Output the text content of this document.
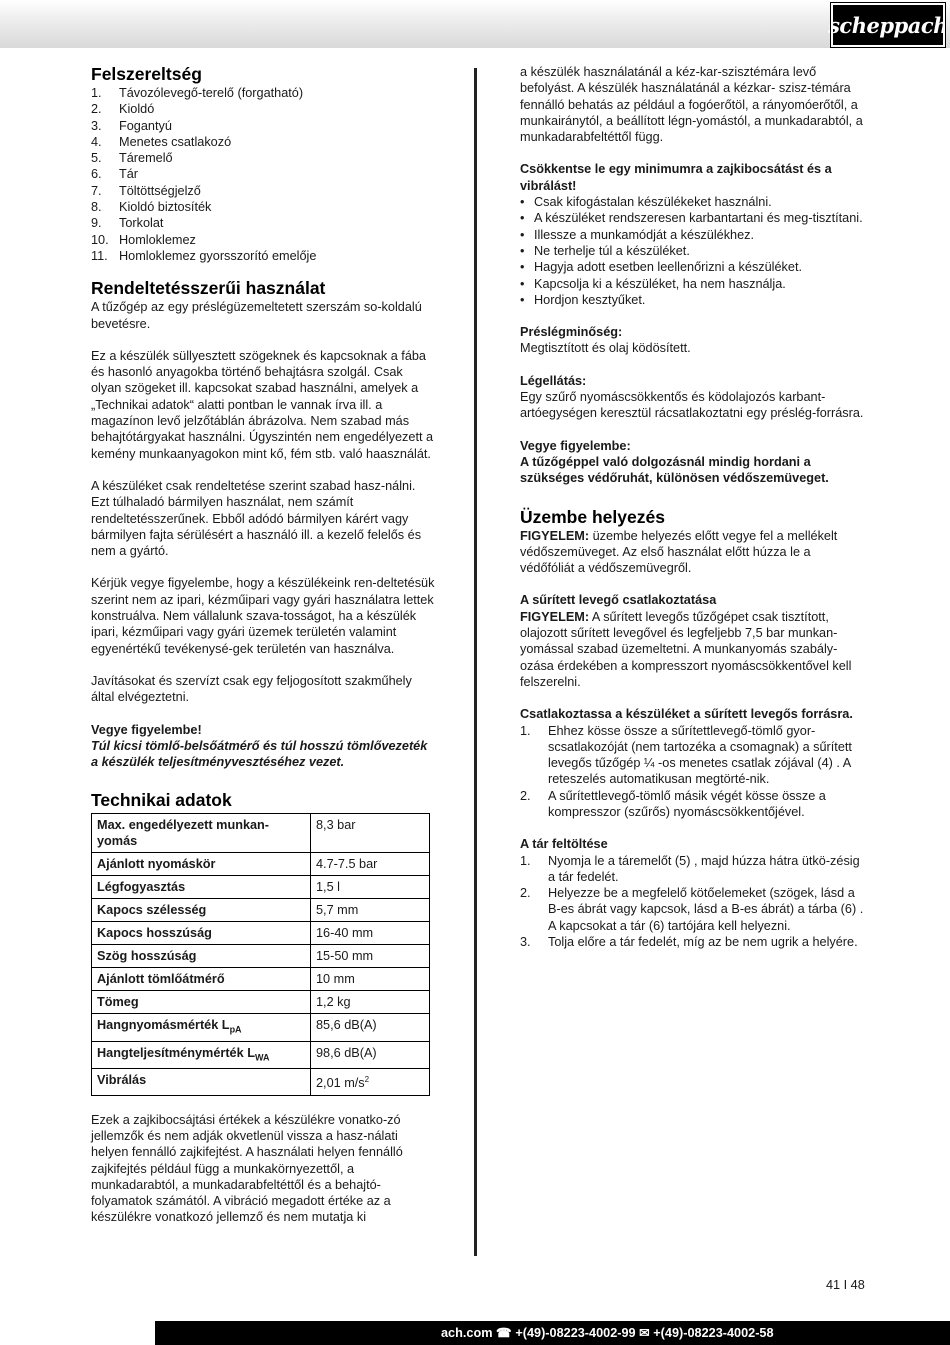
scheppach
Felszereltség
1.	Távozólevegő-terelő (forgatható)
2.	Kioldó
3.	Fogantyú
4.	Menetes csatlakozó
5.	Táremelő
6.	Tár
7.	Töltöttségjelző
8.	Kioldó biztosíték
9.	Torkolat
10. Homloklemez
11. Homloklemez gyorsszorító emelője
Rendeltetésszerűi használat

A tűzőgép az egy préslégüzemeltetett szerszám so-koldalú bevetésre.

Ez a készülék süllyesztett szögeknek és kapcsoknak a fába és hasonló anyagokba történő behajtásra szolgál. Csak olyan szögeket ill. kapcsokat szabad használni, amelyek a „Technikai adatok“ alatti pontban le vannak írva ill. a magazínon levő jelzőtáblán ábrázolva. Nem szabad más behajtótárgyakat használni. Úgyszintén nem engedélyezett a kemény munkaanyagokon mint kő, fém stb. való haasználát.

A készüléket csak rendeltetése szerint szabad hasz-nálni. Ezt túlhaladó bármilyen használat, nem számít rendeltetésszerűnek. Ebből adódó bármilyen kárért vagy bármilyen fajta sérülésért a használó ill. a kezelő felelős és nem a gyártó.

Kérjük vegye figyelembe, hogy a készülékeink ren-deltetésük szerint nem az ipari, kézműipari vagy gyári használatra lettek konstruálva. Nem vállalunk szava-tosságot, ha a készülék ipari, kézműipari vagy gyári üzemek területén valamint egyenértékű tevékenysé-gek területén van használva.

Javításokat és szervízt csak egy feljogosított szakműhely által elvégeztetni.

Vegye figyelembe!

Túl kicsi tömlő-belsőátmérő és túl hosszú tömlővezeték a készülék teljesítményvesztéséhez vezet.

Technikai adatok
Max. engedélyezett munkan-yomás	8,3 bar
Ajánlott nyomáskör	4.7-7.5 bar
Légfogyasztás	1,5 l
Kapocs szélesség	5,7 mm
Kapocs hosszúság	16-40 mm
Szög hosszúság	15-50 mm
Ajánlott tömlőátmérő	10 mm
Tömeg	1,2 kg
Hangnyomásmérték $L_{pA}$	85,6 dB(A)
Hangteljesítménymérték $L_{WA}$	98,6 dB(A)
Vibrálás	2,01 $m/s^2$

Ezek a zajkibocsájtási értékek a készülékre vonatko-zó jellemzők és nem adják okvetlenül vissza a hasz-nálati helyen fennálló zajkifejtést. A használati helyen fennálló zajkifejtés például függ a munkakörnyezettől, a munkadarabtól, a munkadarabfeltéttől és a behajtó-folyamatok számától. A vibráció megadott értéke az a készülékre vonatkozó jellemző és nem mutatja ki

a készülék használatánál a kéz-kar-szisztémára levő befolyást. A készülék használatánál a kézkar- szisz-témára fennálló behatás az például a fogóerőtöl, a rányomóerőtől, a munkairánytól, a beállított légn-yomástól, a munkadarabtól, a munkadarabfeltéttől függ.

Csökkentse le egy minimumra a zajkibocsátást és a vibrálást!

• Csak kifogástalan készülékeket használni.
• A készüléket rendszeresen karbantartani és meg-tisztítani.
• Illessze a munkamódját a készülékhez.
• Ne terhelje túl a készüléket.
• Hagyja adott esetben leellenőrizni a készüléket.
• Kapcsolja ki a készüléket, ha nem használja.
• Hordjon kesztyűket.

Préslégminőség:

Megtisztított és olaj ködösített.

Légellátás:

Egy szűrő nyomáscsökkentős és ködolajozós karbant-artóegységen keresztül rácsatlakoztatni egy préslég-forrásra.

Vegye figyelembe:

A tűzőgéppel való dolgozásnál mindig hordani a szükséges védőruhát, különösen védőszemüveget.

Üzembe helyezés

FIGYELEM: üzembe helyezés előtt vegye fel a mellékelt védőszemüveget. Az első használat előtt húzza le a védőfóliát a védőszemüvegről.

A sűrített levegő csatlakoztatása

FIGYELEM: A sűrített levegős tűzőgépet csak tisztított, olajozott sűrített levegővel és legfeljebb 7,5 bar munkan-yomással szabad üzemeltetni. A munkanyomás szabály-ozása érdekében a kompresszort nyomáscsökkentővel kell felszerelni.

Csatlakoztassa a készüléket a sűrített levegős forrásra.

1.	Ehhez kösse össze a sűrítettlevegő-tömlő gyor-scsatlakozóját (nem tartozéka a csomagnak) a sűrített levegős tűzőgép ¼ -os menetes csatlak zójával (4) . A reteszelés automatikusan megtörté-nik.
2.	A sűrítettlevegő-tömlő másik végét kösse össze a kompresszor (szűrős) nyomáscsökkentőjével.

A tár feltöltése

1.	Nyomja le a táremelőt (5) , majd húzza hátra ütkö-zésig a tár fedelét.
2.	Helyezze be a megfelelő kötőelemeket (szögek, lásd a B-es ábrát vagy kapcsok, lásd a B-es ábrát) a tárba (6) . A kapcsokat a tár (6) tartójára kell helyezni.
3.	Tolja előre a tár fedelét, míg az be nem ugrik a helyére.
41 I 48
ach.com ☎ +(49)-08223-4002-99 ✉ +(49)-08223-4002-58
